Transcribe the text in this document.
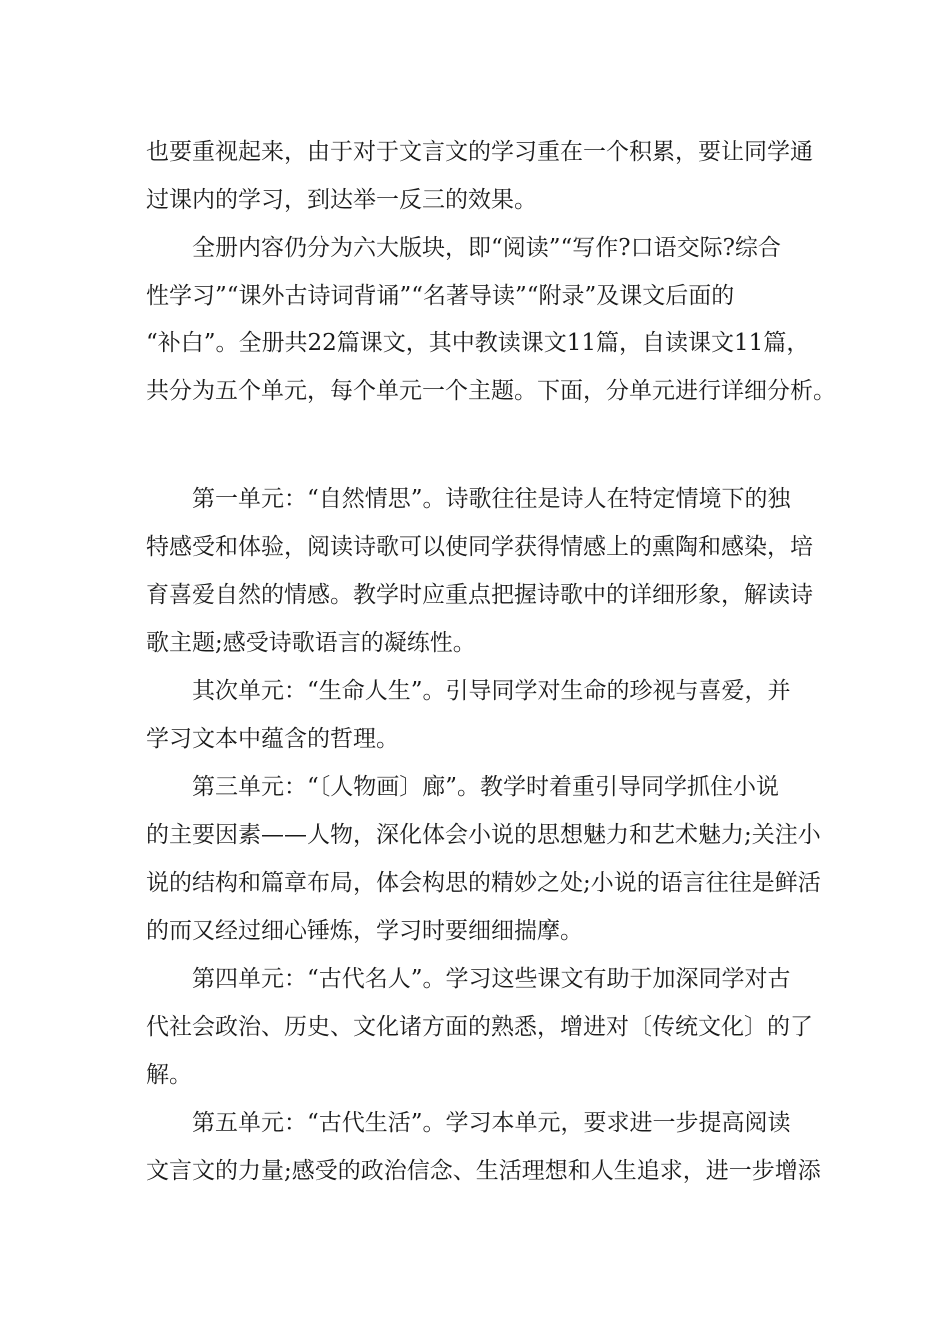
也要重视起来，由于对于文言文的学习重在一个积累，要让同学通
过课内的学习，到达举一反三的效果。
全册内容仍分为六大版块，即“阅读”“写作?口语交际?综合
性学习”“课外古诗词背诵”“名著导读”“附录”及课文后面的
“补白”。全册共22篇课文，其中教读课文11篇，自读课文11篇，
共分为五个单元，每个单元一个主题。下面，分单元进行详细分析。
第一单元：“自然情思”。诗歌往往是诗人在特定情境下的独
特感受和体验，阅读诗歌可以使同学获得情感上的熏陶和感染，培
育喜爱自然的情感。教学时应重点把握诗歌中的详细形象，解读诗
歌主题;感受诗歌语言的凝练性。
其次单元：“生命人生”。引导同学对生命的珍视与喜爱，并
学习文本中蕴含的哲理。
第三单元：“〔人物画〕廊”。教学时着重引导同学抓住小说
的主要因素——人物，深化体会小说的思想魅力和艺术魅力;关注小
说的结构和篇章布局，体会构思的精妙之处;小说的语言往往是鲜活
的而又经过细心锤炼，学习时要细细揣摩。
第四单元：“古代名人”。学习这些课文有助于加深同学对古
代社会政治、历史、文化诸方面的熟悉，增进对〔传统文化〕的了
解。
第五单元：“古代生活”。学习本单元，要求进一步提高阅读
文言文的力量;感受的政治信念、生活理想和人生追求，进一步增添
